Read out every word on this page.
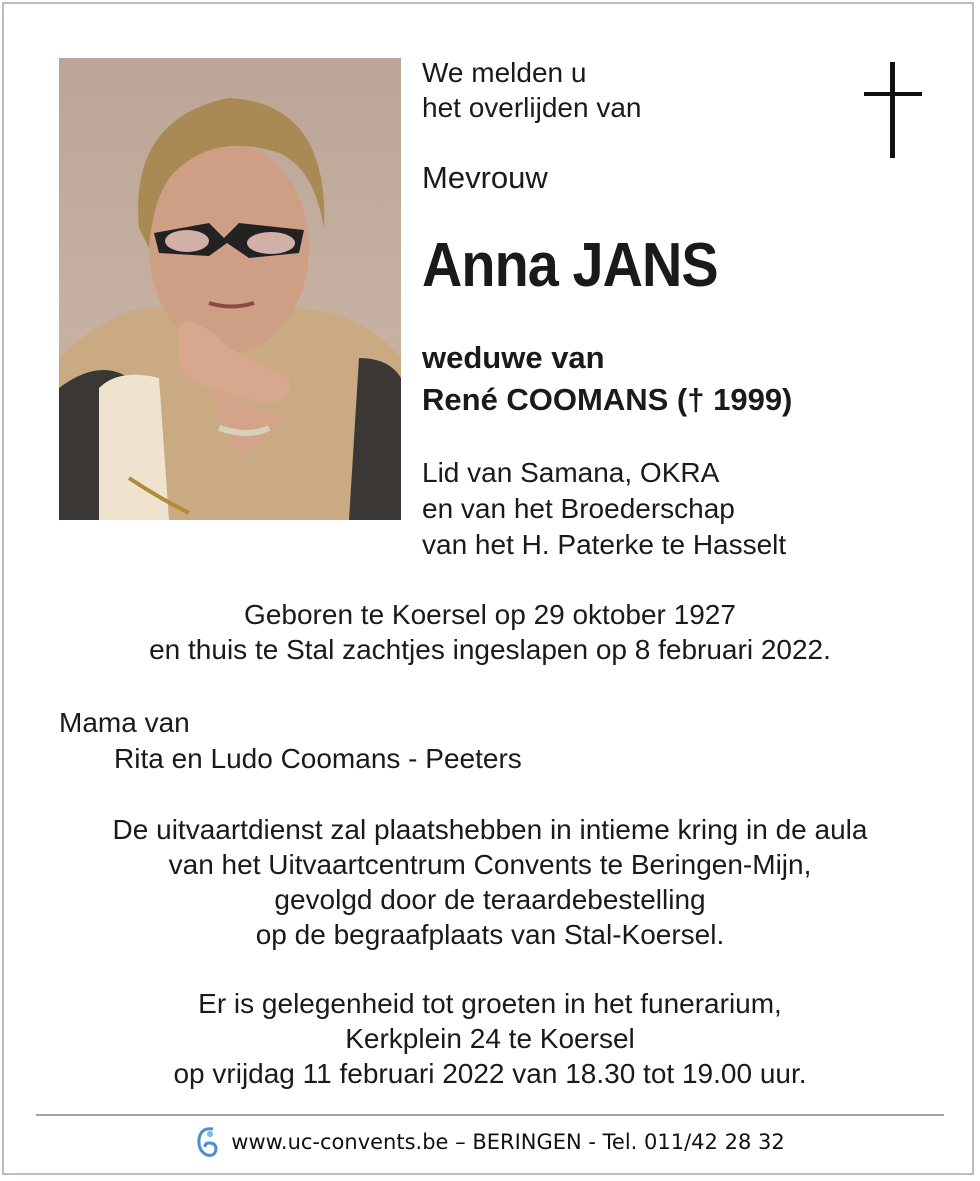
We melden u
het overlijden van
Mevrouw
Anna JANS
weduwe van
René COOMANS († 1999)
Lid van Samana, OKRA
en van het Broederschap
van het H. Paterke te Hasselt
Geboren te Koersel op 29 oktober 1927
en thuis te Stal zachtjes ingeslapen op 8 februari 2022.
Mama van
Rita en Ludo Coomans - Peeters
De uitvaartdienst zal plaatshebben in intieme kring in de aula
van het Uitvaartcentrum Convents te Beringen-Mijn,
gevolgd door de teraardebestelling
op de begraafplaats van Stal-Koersel.
Er is gelegenheid tot groeten in het funerarium,
Kerkplein 24 te Koersel
op vrijdag 11 februari 2022 van 18.30 tot 19.00 uur.
www.uc-convents.be – BERINGEN - Tel. 011/42 28 32
